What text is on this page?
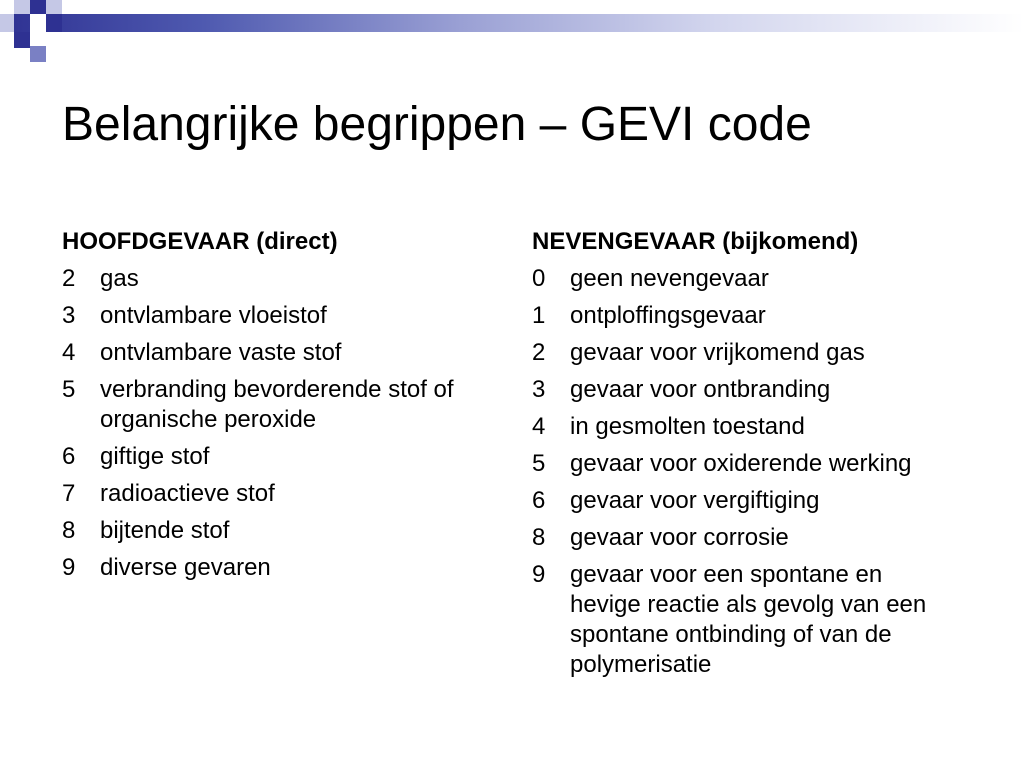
Belangrijke begrippen – GEVI code
HOOFDGEVAAR (direct)
2	gas
3	ontvlambare vloeistof
4	ontvlambare vaste stof
5	verbranding bevorderende stof of organische peroxide
6	giftige stof
7	radioactieve stof
8	bijtende stof
9	diverse gevaren
NEVENGEVAAR (bijkomend)
0	geen nevengevaar
1	ontploffingsgevaar
2	gevaar voor vrijkomend gas
3	gevaar voor ontbranding
4	in gesmolten toestand
5	gevaar voor oxiderende werking
6	gevaar voor vergiftiging
8	gevaar voor corrosie
9	gevaar voor een spontane en hevige reactie als gevolg van een spontane ontbinding of van de polymerisatie
